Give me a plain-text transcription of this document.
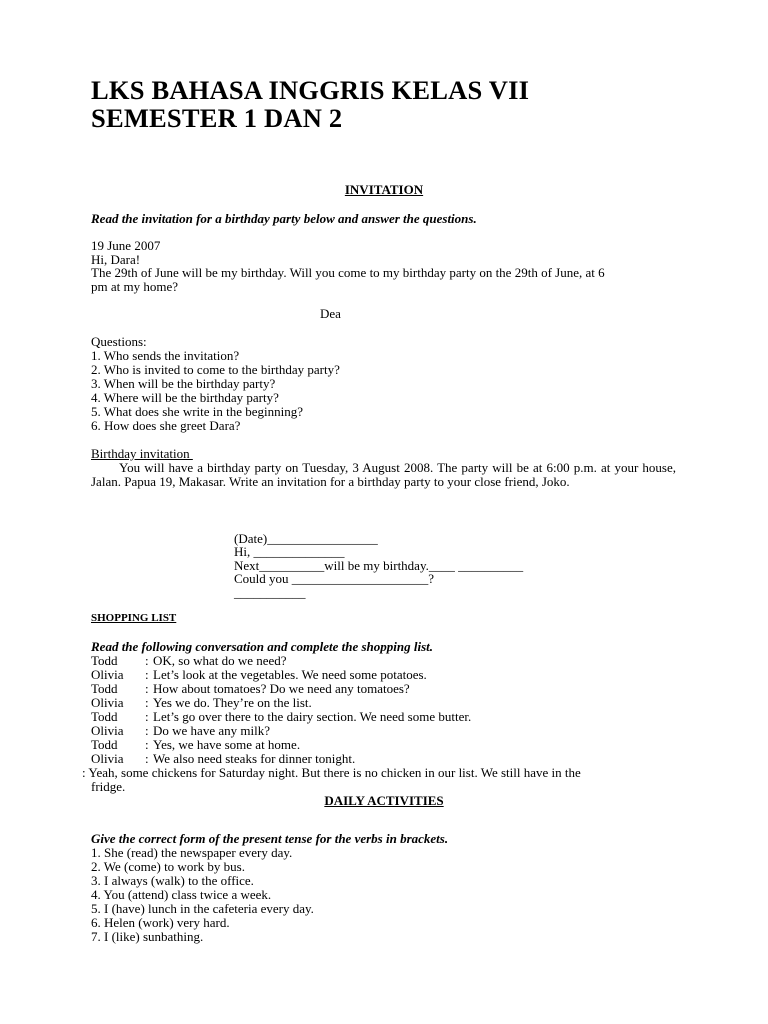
LKS BAHASA INGGRIS KELAS VII
SEMESTER 1 DAN 2
INVITATION
Read the invitation for a birthday party below and answer the questions.
19 June 2007
Hi, Dara!
The 29th of June will be my birthday. Will you come to my birthday party on the 29th of June, at 6
pm at my home?
Dea
Questions:
1. Who sends the invitation?
2. Who is invited to come to the birthday party?
3. When will be the birthday party?
4. Where will be the birthday party?
5. What does she write in the beginning?
6. How does she greet Dara?
Birthday invitation
You will have a birthday party on Tuesday, 3 August 2008. The party will be at 6:00 p.m. at your house, Jalan. Papua 19, Makasar. Write an invitation for a birthday party to your close friend, Joko.
(Date)_________________
Hi, ______________
Next__________will be my birthday.____ __________
Could you _____________________?
___________
SHOPPING LIST
Read the following conversation and complete the shopping list.
Todd : OK, so what do we need?
Olivia : Let’s look at the vegetables. We need some potatoes.
Todd : How about tomatoes? Do we need any tomatoes?
Olivia : Yes we do. They’re on the list.
Todd : Let’s go over there to the dairy section. We need some butter.
Olivia : Do we have any milk?
Todd : Yes, we have some at home.
Olivia : We also need steaks for dinner tonight.
: Yeah, some chickens for Saturday night. But there is no chicken in our list. We still have in the
fridge.
DAILY ACTIVITIES
Give the correct form of the present tense for the verbs in brackets.
1. She (read) the newspaper every day.
2. We (come) to work by bus.
3. I always (walk) to the office.
4. You (attend) class twice a week.
5. I (have) lunch in the cafeteria every day.
6. Helen (work) very hard.
7. I (like) sunbathing.
